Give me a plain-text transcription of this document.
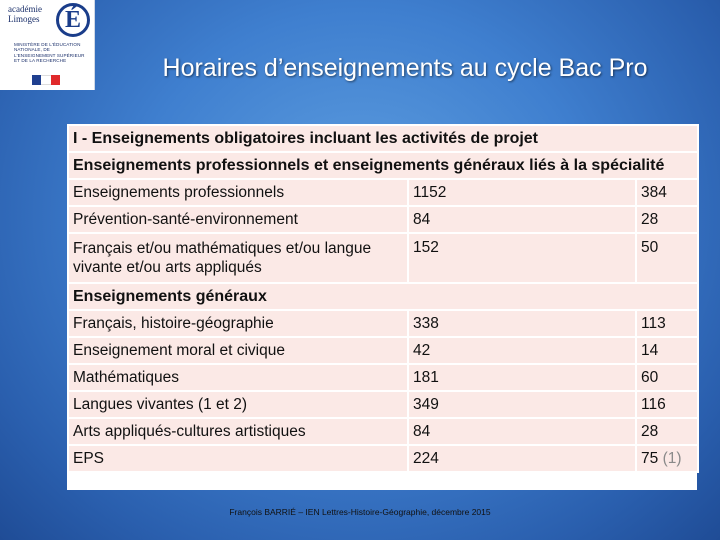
académie
Limoges	É
MINISTÈRE DE L'ÉDUCATION NATIONALE, DE L'ENSEIGNEMENT SUPÉRIEUR ET DE LA RECHERCHE	Horaires d’enseignements au cycle Bac Pro
I - Enseignements obligatoires incluant les activités de projet		
Enseignements professionnels et enseignements généraux liés à la spécialité		
Enseignements professionnels	1152	384
Prévention-santé-environnement	84	28
Français et/ou mathématiques et/ou langue vivante et/ou arts appliqués	152	50
Enseignements généraux		
Français, histoire-géographie	338	113
Enseignement moral et civique	42	14
Mathématiques	181	60
Langues vivantes (1 et 2)	349	116
Arts appliqués-cultures artistiques	84	28
EPS	224	75 (1)
François BARRIÉ – IEN Lettres-Histoire-Géographie, décembre 2015
